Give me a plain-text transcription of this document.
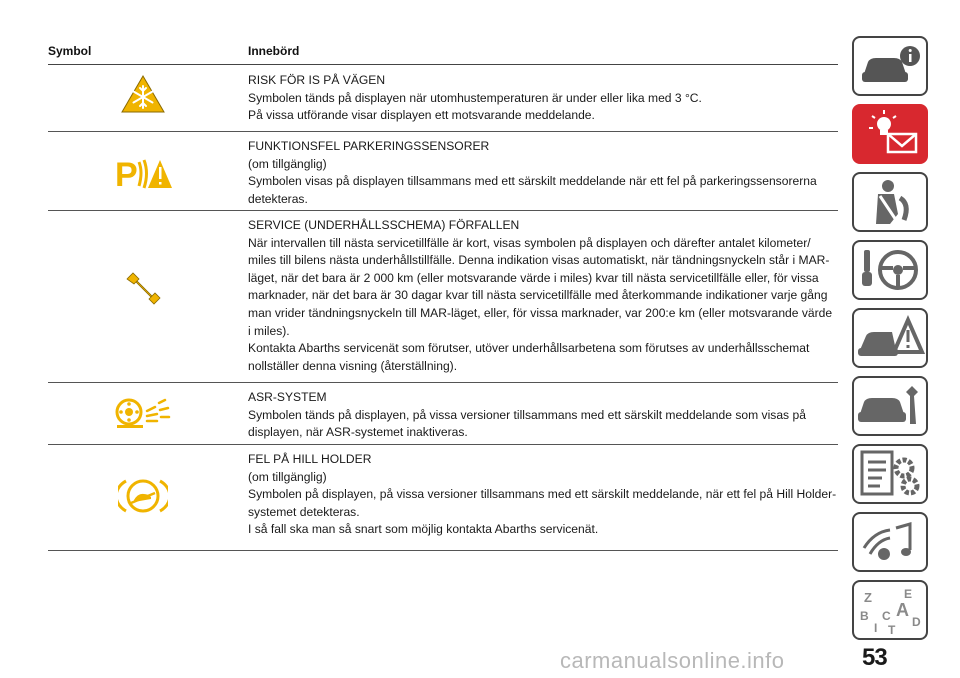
Symbol	Innebörd
RISK FÖR IS PÅ VÄGEN
Symbolen tänds på displayen när utomhustemperaturen är under eller lika med 3 °C.
På vissa utförande visar displayen ett motsvarande meddelande.
P
FUNKTIONSFEL PARKERINGSSENSORER
(om tillgänglig)
Symbolen visas på displayen tillsammans med ett särskilt meddelande när ett fel på parkeringssensorerna detekteras.
SERVICE (UNDERHÅLLSSCHEMA) FÖRFALLEN
När intervallen till nästa servicetillfälle är kort, visas symbolen på displayen och därefter antalet kilometer/ miles till bilens nästa underhållstillfälle. Denna indikation visas automatiskt, när tändningsnyckeln står i MAR-läget, när det bara är 2 000 km (eller motsvarande värde i miles) kvar till nästa servicetillfälle eller, för vissa marknader, när det bara är 30 dagar kvar till nästa servicetillfälle med återkommande indikationer varje gång man vrider tändningsnyckeln till MAR-läget, eller, för vissa marknader, var 200:e km (eller motsvarande värde i miles).
Kontakta Abarths servicenät som förutser, utöver underhållsarbetena som förutses av underhållsschemat nollställer denna visning (återställning).
ASR-SYSTEM
Symbolen tänds på displayen, på vissa versioner tillsammans med ett särskilt meddelande som visas på displayen, när ASR-systemet inaktiveras.
FEL PÅ HILL HOLDER
(om tillgänglig)
Symbolen på displayen, på vissa versioner tillsammans med ett särskilt meddelande, när ett fel på Hill Holder-systemet detekteras.
I så fall ska man så snart som möjlig kontakta Abarths servicenät.
Z	E
B A
C D
T
I
carmanualsonline.info	53
